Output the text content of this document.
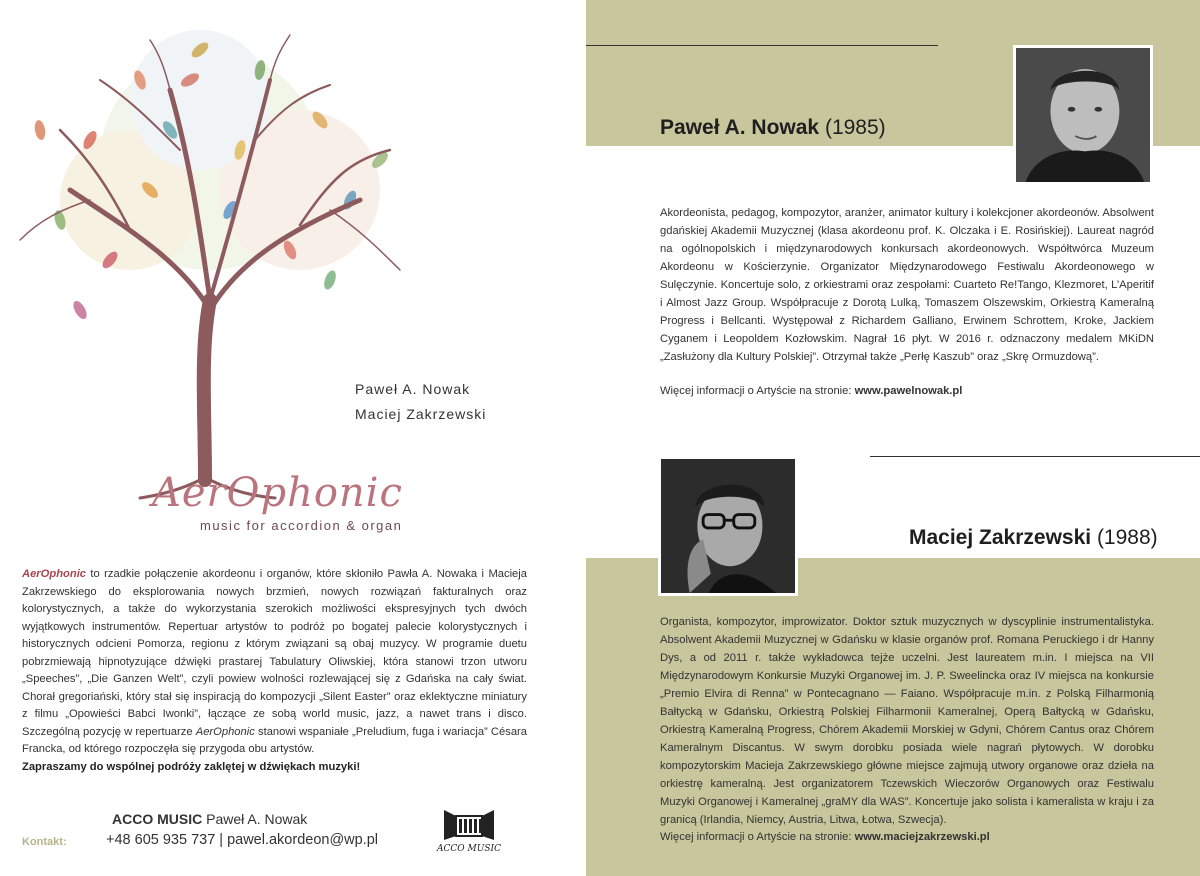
Paweł A. Nowak
Maciej Zakrzewski
AerOphonic
music for accordion & organ
AerOphonic to rzadkie połączenie akordeonu i organów, które skłoniło Pawła A. Nowaka i Macieja Zakrzewskiego do eksplorowania nowych brzmień, nowych rozwiązań fakturalnych oraz kolorystycznych, a także do wykorzystania szerokich możliwości ekspresyjnych tych dwóch wyjątkowych instrumentów. Repertuar artystów to podróż po bogatej palecie kolorystycznych i historycznych odcieni Pomorza, regionu z którym związani są obaj muzycy. W programie duetu pobrzmiewają hipnotyzujące dźwięki prastarej Tabulatury Oliwskiej, która stanowi trzon utworu „Speeches”, „Die Ganzen Welt”, czyli powiew wolności rozlewającej się z Gdańska na cały świat. Chorał gregoriański, który stał się inspiracją do kompozycji „Silent Easter” oraz eklektyczne miniatury z filmu „Opowieści Babci Iwonki”, łączące ze sobą world music, jazz, a nawet trans i disco. Szczególną pozycję w repertuarze AerOphonic stanowi wspaniałe „Preludium, fuga i wariacja” Césara Francka, od którego rozpoczęła się przygoda obu artystów.
Zapraszamy do wspólnej podróży zaklętej w dźwiękach muzyki!
ACCO MUSIC Paweł A. Nowak
Kontakt:	+48 605 935 737 | pawel.akordeon@wp.pl
ACCO MUSIC
Paweł A. Nowak (1985)
Akordeonista, pedagog, kompozytor, aranżer, animator kultury i kolekcjoner akordeonów. Absolwent gdańskiej Akademii Muzycznej (klasa akordeonu prof. K. Olczaka i E. Rosińskiej). Laureat nagród na ogólnopolskich i międzynarodowych konkursach akordeonowych. Współtwórca Muzeum Akordeonu w Kościerzynie. Organizator Międzynarodowego Festiwalu Akordeonowego w Sulęczynie. Koncertuje solo, z orkiestrami oraz zespołami: Cuarteto Re!Tango, Klezmoret, L’Aperitif i Almost Jazz Group. Współpracuje z Dorotą Lulką, Tomaszem Olszewskim, Orkiestrą Kameralną Progress i Bellcanti. Występował z Richardem Galliano, Erwinem Schrottem, Kroke, Jackiem Cyganem i Leopoldem Kozłowskim. Nagrał 16 płyt. W 2016 r. odznaczony medalem MKiDN „Zasłużony dla Kultury Polskiej”. Otrzymał także „Perłę Kaszub” oraz „Skrę Ormuzdową”.
Więcej informacji o Artyście na stronie: www.pawelnowak.pl
Maciej Zakrzewski (1988)
Organista, kompozytor, improwizator. Doktor sztuk muzycznych w dyscyplinie instrumentalistyka. Absolwent Akademii Muzycznej w Gdańsku w klasie organów prof. Romana Peruckiego i dr Hanny Dys, a od 2011 r. także wykładowca tejże uczelni. Jest laureatem m.in. I miejsca na VII Międzynarodowym Konkursie Muzyki Organowej im. J. P. Sweelincka oraz IV miejsca na konkursie „Premio Elvira di Renna” w Pontecagnano — Faiano. Współpracuje m.in. z Polską Filharmonią Bałtycką w Gdańsku, Orkiestrą Polskiej Filharmonii Kameralnej, Operą Bałtycką w Gdańsku, Orkiestrą Kameralną Progress, Chórem Akademii Morskiej w Gdyni, Chórem Cantus oraz Chórem Kameralnym Discantus. W swym dorobku posiada wiele nagrań płytowych. W dorobku kompozytorskim Macieja Zakrzewskiego główne miejsce zajmują utwory organowe oraz dzieła na orkiestrę kameralną. Jest organizatorem Tczewskich Wieczorów Organowych oraz Festiwalu Muzyki Organowej i Kameralnej „graMY dla WAS”. Koncertuje jako solista i kameralista w kraju i za granicą (Irlandia, Niemcy, Austria, Litwa, Łotwa, Szwecja).
Więcej informacji o Artyście na stronie: www.maciejzakrzewski.pl
